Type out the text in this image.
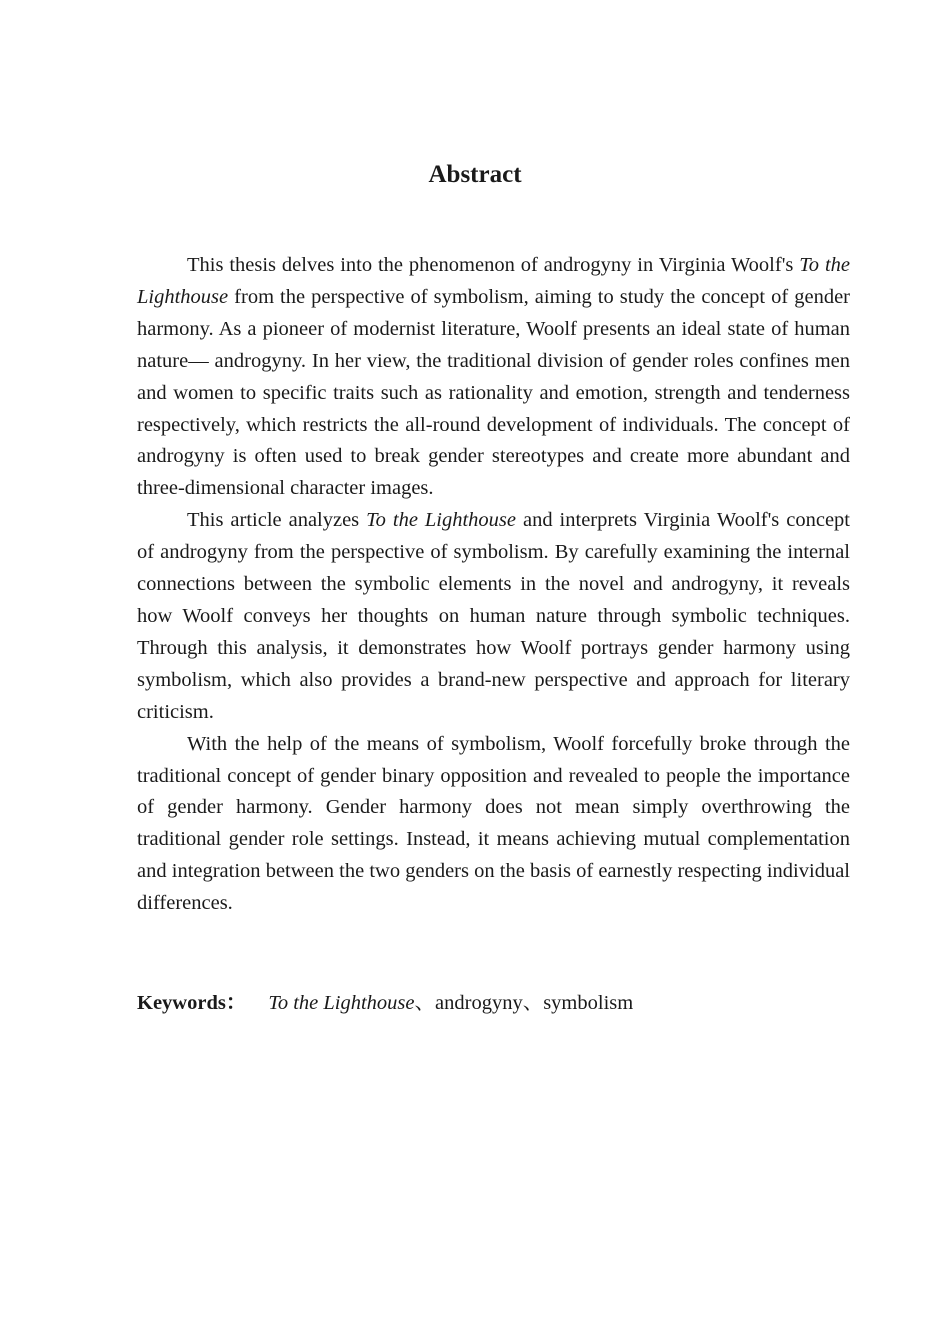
Abstract

This thesis delves into the phenomenon of androgyny in Virginia Woolf's To the Lighthouse from the perspective of symbolism, aiming to study the concept of gender harmony. As a pioneer of modernist literature, Woolf presents an ideal state of human nature— androgyny. In her view, the traditional division of gender roles confines men and women to specific traits such as rationality and emotion, strength and tenderness respectively, which restricts the all-round development of individuals. The concept of androgyny is often used to break gender stereotypes and create more abundant and three-dimensional character images.

This article analyzes To the Lighthouse and interprets Virginia Woolf's concept of androgyny from the perspective of symbolism. By carefully examining the internal connections between the symbolic elements in the novel and androgyny, it reveals how Woolf conveys her thoughts on human nature through symbolic techniques. Through this analysis, it demonstrates how Woolf portrays gender harmony using symbolism, which also provides a brand-new perspective and approach for literary criticism.

With the help of the means of symbolism, Woolf forcefully broke through the traditional concept of gender binary opposition and revealed to people the importance of gender harmony. Gender harmony does not mean simply overthrowing the traditional gender role settings. Instead, it means achieving mutual complementation and integration between the two genders on the basis of earnestly respecting individual differences.

Keywords： To the Lighthouse、androgyny、symbolism
